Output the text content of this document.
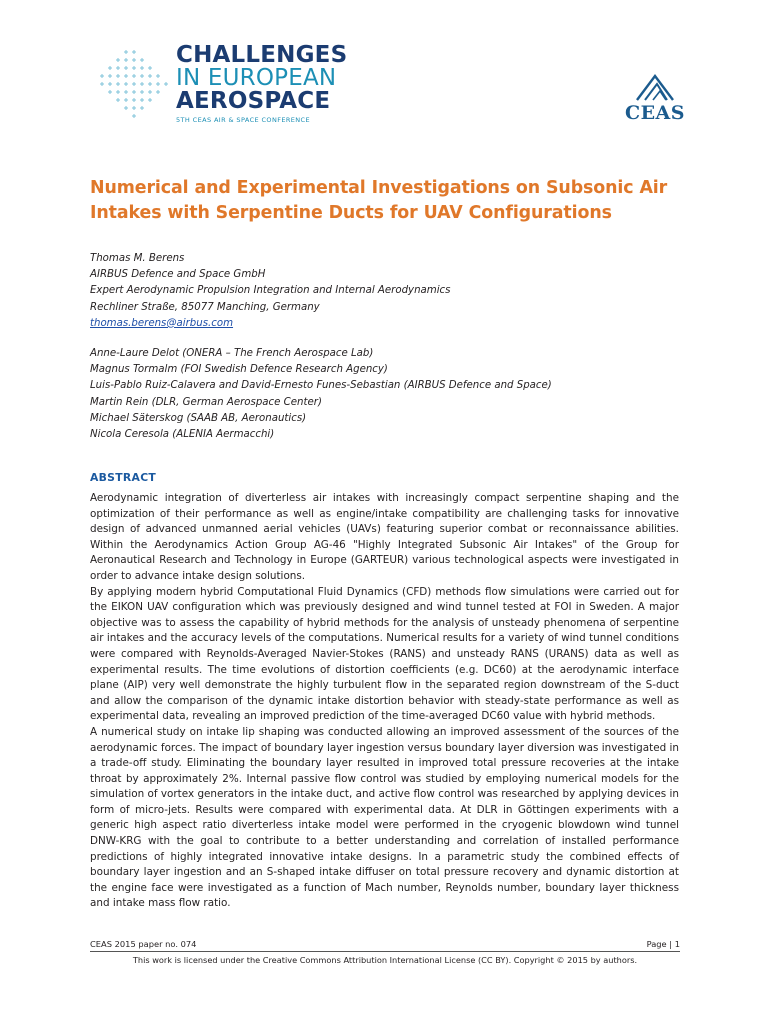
CHALLENGES
IN EUROPEAN
AEROSPACE
5TH CEAS AIR & SPACE CONFERENCE	CEAS
Numerical and Experimental Investigations on Subsonic Air Intakes with Serpentine Ducts for UAV Configurations
Thomas M. Berens
AIRBUS Defence and Space GmbH
Expert Aerodynamic Propulsion Integration and Internal Aerodynamics
Rechliner Straße, 85077 Manching, Germany
thomas.berens@airbus.com
Anne-Laure Delot (ONERA – The French Aerospace Lab)
Magnus Tormalm (FOI Swedish Defence Research Agency)
Luis-Pablo Ruiz-Calavera and David-Ernesto Funes-Sebastian (AIRBUS Defence and Space)
Martin Rein (DLR, German Aerospace Center)
Michael Säterskog (SAAB AB, Aeronautics)
Nicola Ceresola (ALENIA Aermacchi)
ABSTRACT

Aerodynamic integration of diverterless air intakes with increasingly compact serpentine shaping and the optimization of their performance as well as engine/intake compatibility are challenging tasks for innovative design of advanced unmanned aerial vehicles (UAVs) featuring superior combat or reconnaissance abilities. Within the Aerodynamics Action Group AG-46 "Highly Integrated Subsonic Air Intakes" of the Group for Aeronautical Research and Technology in Europe (GARTEUR) various technological aspects were investigated in order to advance intake design solutions.

By applying modern hybrid Computational Fluid Dynamics (CFD) methods flow simulations were carried out for the EIKON UAV configuration which was previously designed and wind tunnel tested at FOI in Sweden. A major objective was to assess the capability of hybrid methods for the analysis of unsteady phenomena of serpentine air intakes and the accuracy levels of the computations. Numerical results for a variety of wind tunnel conditions were compared with Reynolds-Averaged Navier-Stokes (RANS) and unsteady RANS (URANS) data as well as experimental results. The time evolutions of distortion coefficients (e.g. DC60) at the aerodynamic interface plane (AIP) very well demonstrate the highly turbulent flow in the separated region downstream of the S-duct and allow the comparison of the dynamic intake distortion behavior with steady-state performance as well as experimental data, revealing an improved prediction of the time-averaged DC60 value with hybrid methods.

A numerical study on intake lip shaping was conducted allowing an improved assessment of the sources of the aerodynamic forces. The impact of boundary layer ingestion versus boundary layer diversion was investigated in a trade-off study. Eliminating the boundary layer resulted in improved total pressure recoveries at the intake throat by approximately 2%. Internal passive flow control was studied by employing numerical models for the simulation of vortex generators in the intake duct, and active flow control was researched by applying devices in form of micro-jets. Results were compared with experimental data. At DLR in Göttingen experiments with a generic high aspect ratio diverterless intake model were performed in the cryogenic blowdown wind tunnel DNW-KRG with the goal to contribute to a better understanding and correlation of installed performance predictions of highly integrated innovative intake designs. In a parametric study the combined effects of boundary layer ingestion and an S-shaped intake diffuser on total pressure recovery and dynamic distortion at the engine face were investigated as a function of Mach number, Reynolds number, boundary layer thickness and intake mass flow ratio.

CEAS 2015 paper no. 074	Page | 1
This work is licensed under the Creative Commons Attribution International License (CC BY). Copyright © 2015 by authors.
